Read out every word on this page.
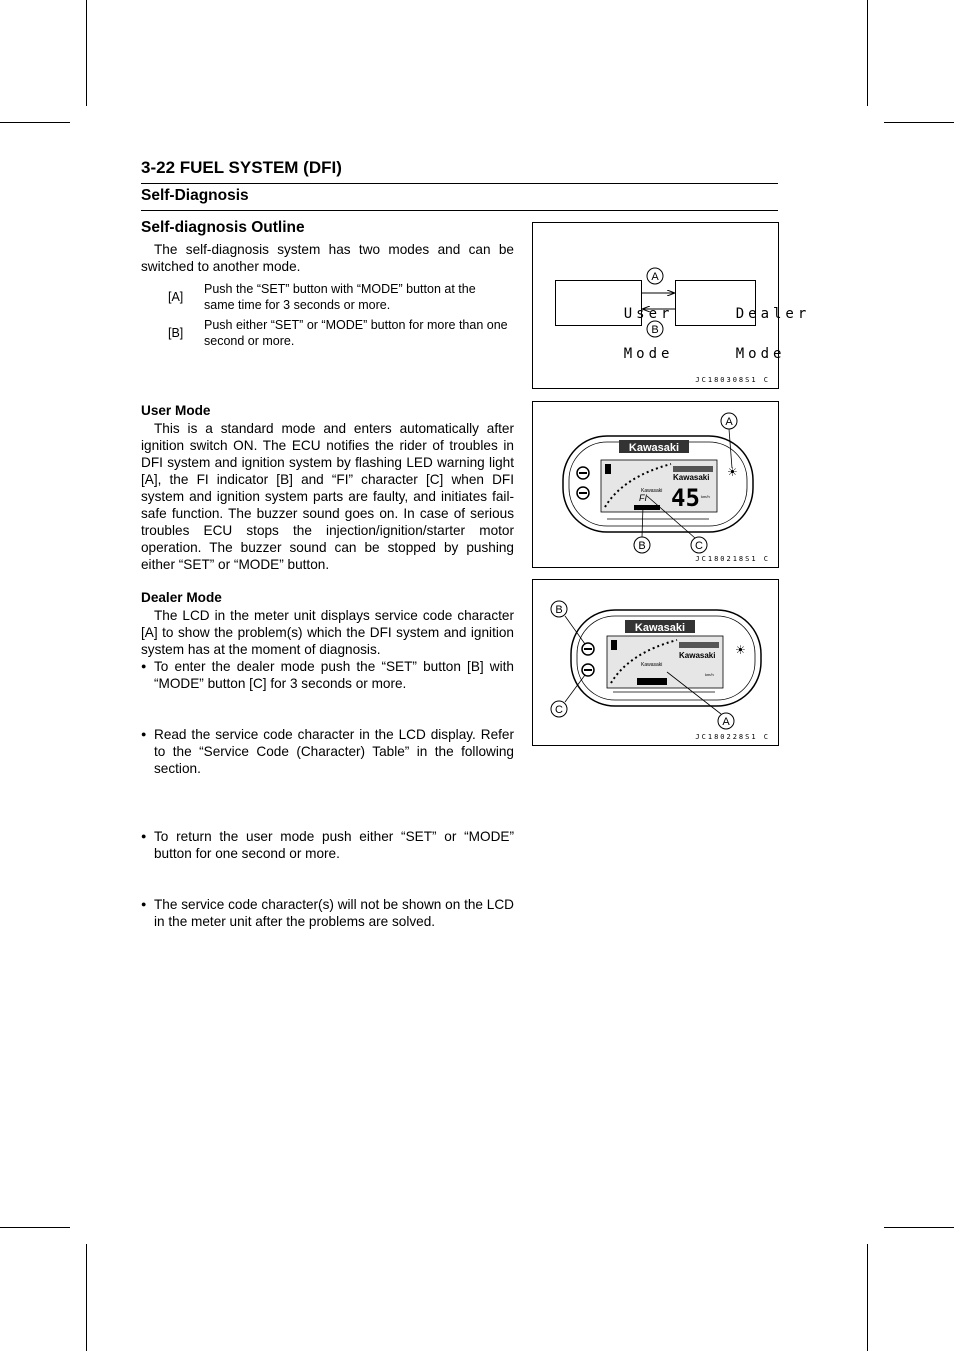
3-22 FUEL SYSTEM (DFI)
Self-Diagnosis
Self-diagnosis Outline
The self-diagnosis system has two modes and can be switched to another mode.
[A]
Push the “SET” button with “MODE” button at the same time for 3 seconds or more.
[B]
Push either “SET” or “MODE” button for more than one second or more.
User Mode
This is a standard mode and enters automatically after ignition switch ON. The ECU notifies the rider of troubles in DFI system and ignition system by flashing LED warning light [A], the FI indicator [B] and “FI” character [C] when DFI system and ignition system parts are faulty, and initiates fail-safe function. The buzzer sound goes on. In case of serious troubles ECU stops the injection/ignition/starter motor operation. The buzzer sound can be stopped by pushing either “SET” or “MODE” button.
Dealer Mode
The LCD in the meter unit displays service code character [A] to show the problem(s) which the DFI system and ignition system has at the moment of diagnosis.
● To enter the dealer mode push the “SET” button [B] with “MODE” button [C] for 3 seconds or more.
● Read the service code character in the LCD display. Refer to the “Service Code (Character) Table” in the following section.
● To return the user mode push either “SET” or “MODE” button for one second or more.
● The service code character(s) will not be shown on the LCD in the meter unit after the problems are solved.

User

Mode

Dealer

Mode

A
B
JC180308S1 C
Kawasaki
Kawasaki
Kawasaki
45 km/h
FI
☀
A
B	C
JC180218S1 C
Kawasaki
Kawasaki
Kawasaki
km/h
☀
B
C
A
JC180228S1 C
